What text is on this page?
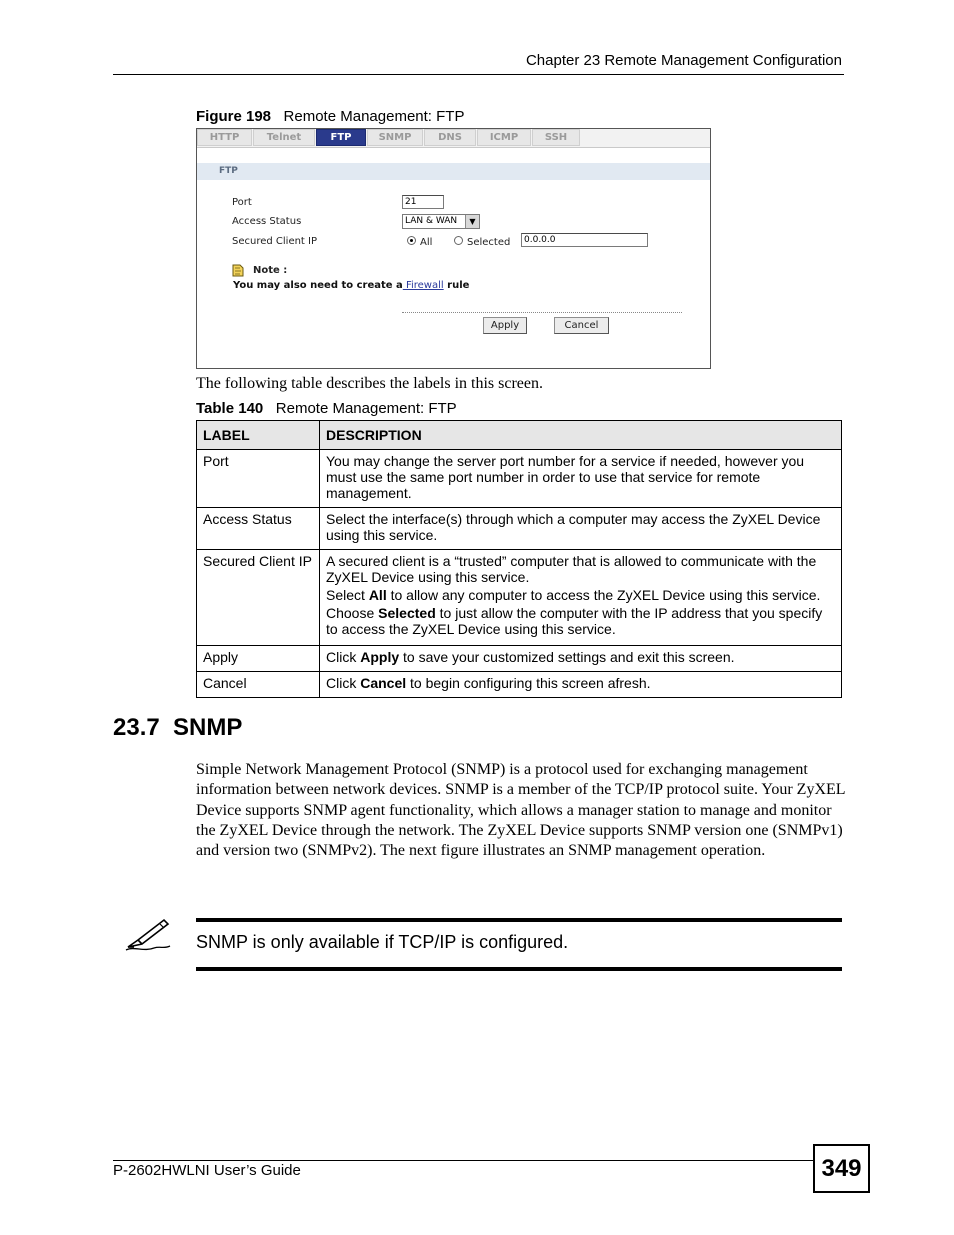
Chapter 23 Remote Management Configuration
Figure 198 Remote Management: FTP
HTTP	Telnet	FTP	SNMP	DNS	ICMP	SSH
FTP
Port	21
Access Status	LAN & WAN	▼
Secured Client IP	All	Selected	0.0.0.0
Note :
You may also need to create a Firewall rule
Apply	Cancel
The following table describes the labels in this screen.
Table 140 Remote Management: FTP
LABEL	DESCRIPTION
Port	You may change the server port number for a service if needed, however you must use the same port number in order to use that service for remote management.
Access Status	Select the interface(s) through which a computer may access the ZyXEL Device using this service.
Secured Client IP	A secured client is a “trusted” computer that is allowed to communicate with the ZyXEL Device using this service.

Select All to allow any computer to access the ZyXEL Device using this service.

Choose Selected to just allow the computer with the IP address that you specify to access the ZyXEL Device using this service.

Apply	Click Apply to save your customized settings and exit this screen.
Cancel	Click Cancel to begin configuring this screen afresh.
23.7  SNMP
Simple Network Management Protocol (SNMP) is a protocol used for exchanging management information between network devices. SNMP is a member of the TCP/IP protocol suite. Your ZyXEL Device supports SNMP agent functionality, which allows a manager station to manage and monitor the ZyXEL Device through the network. The ZyXEL Device supports SNMP version one (SNMPv1) and version two (SNMPv2). The next figure illustrates an SNMP management operation.
SNMP is only available if TCP/IP is configured.
P-2602HWLNI User’s Guide	349
